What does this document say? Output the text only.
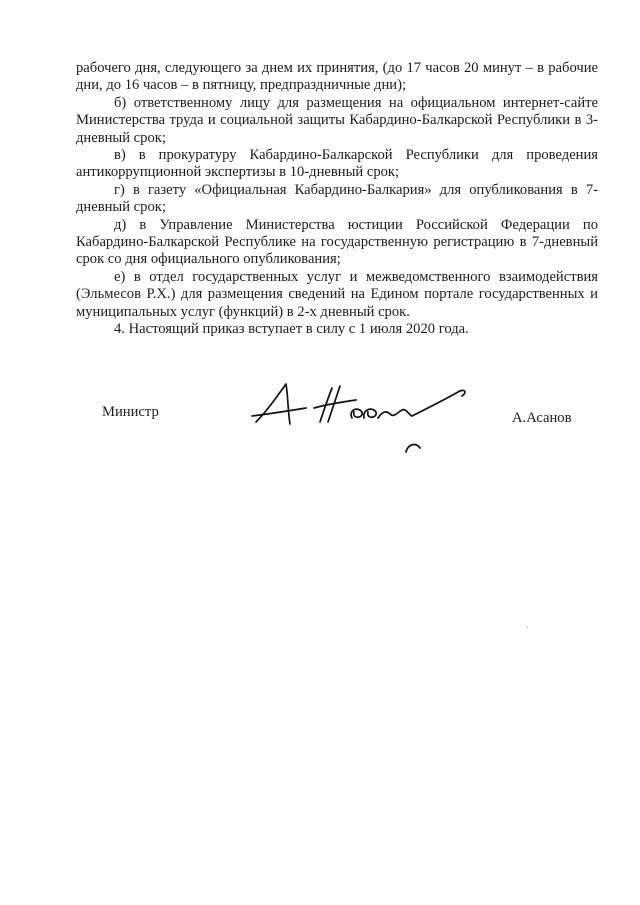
рабочего дня, следующего за днем их принятия, (до 17 часов 20 минут – в рабочие дни, до 16 часов – в пятницу, предпраздничные дни);

б) ответственному лицу для размещения на официальном интернет-сайте Министерства труда и социальной защиты Кабардино-Балкарской Республики в 3-дневный срок;

в) в прокуратуру Кабардино-Балкарской Республики для проведения антикоррупционной экспертизы в 10-дневный срок;

г) в газету «Официальная Кабардино-Балкария» для опубликования в 7-дневный срок;

д) в Управление Министерства юстиции Российской Федерации по Кабардино-Балкарской Республике на государственную регистрацию в 7-дневный срок со дня официального опубликования;

е) в отдел государственных услуг и межведомственного взаимодействия (Эльмесов Р.Х.) для размещения сведений на Едином портале государственных и муниципальных услуг (функций) в 2-х дневный срок.

4. Настоящий приказ вступает в силу с 1 июля 2020 года.

Министр	А.Асанов
